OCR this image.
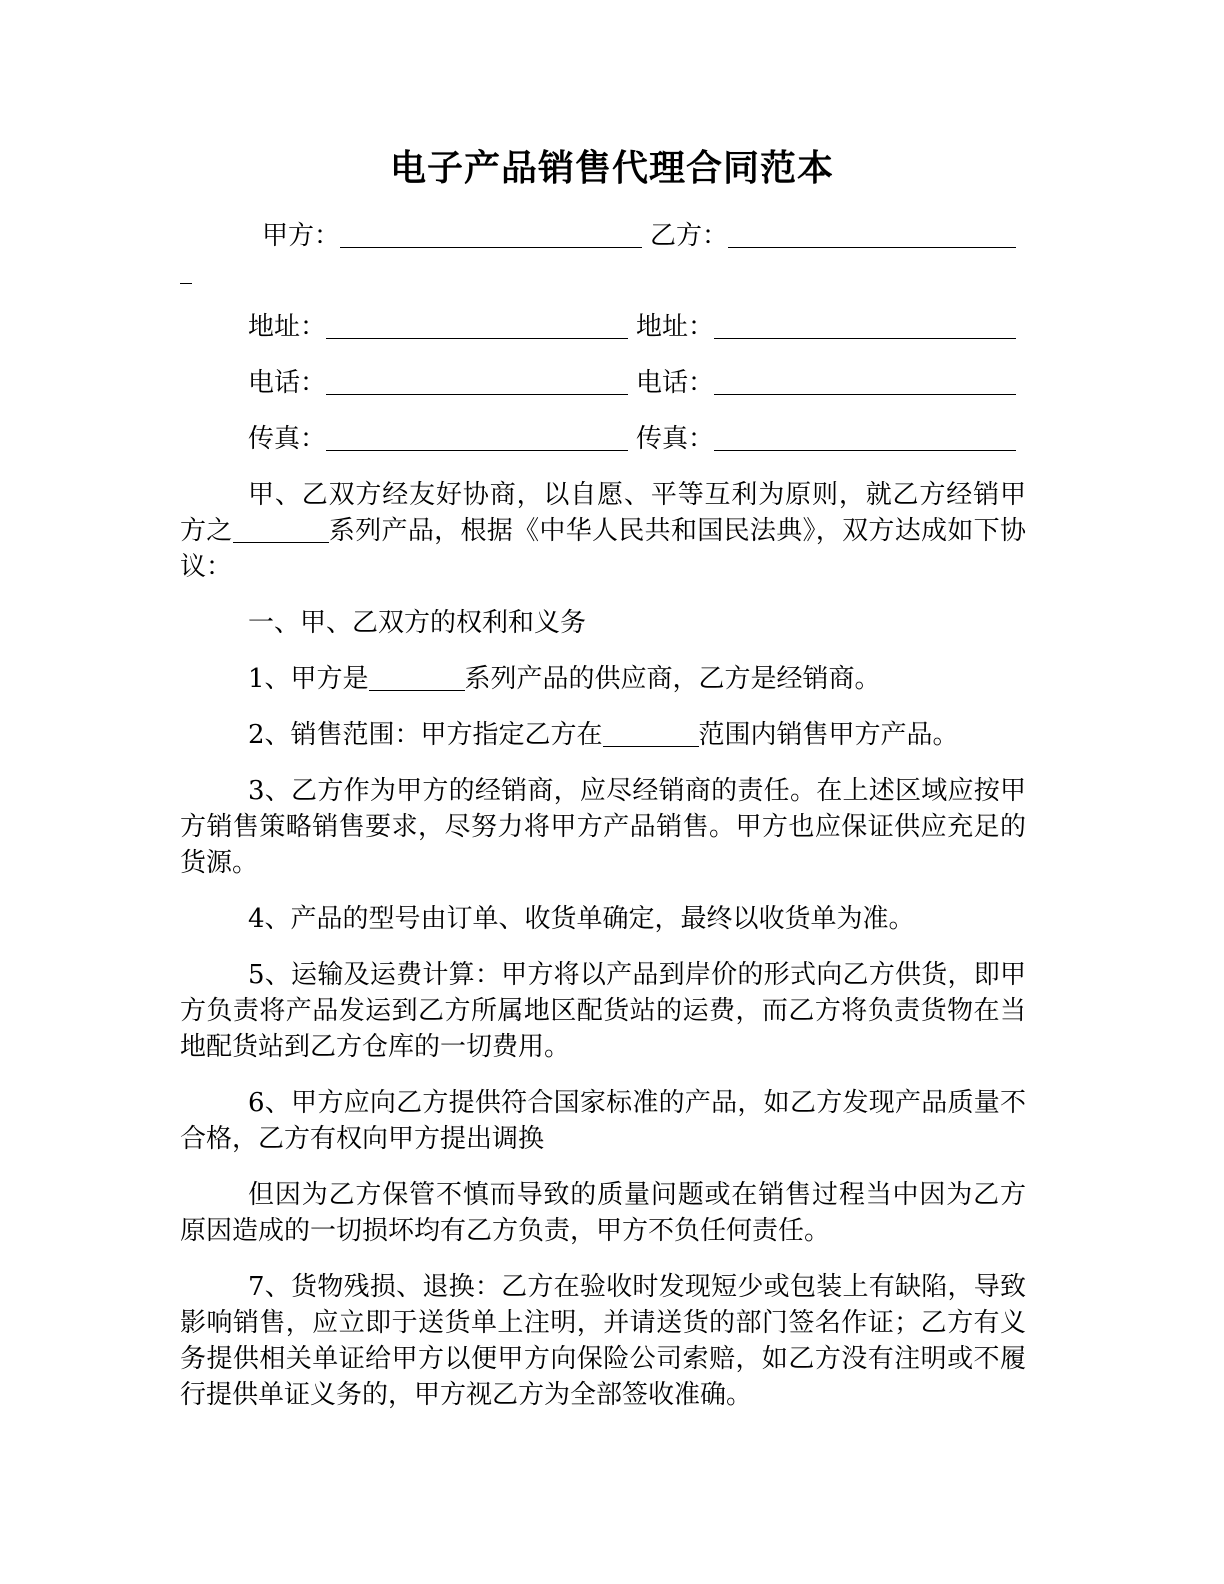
电子产品销售代理合同范本
甲方：	乙方：
地址：	地址：
电话：	电话：
传真：	传真：

甲、乙双方经友好协商，以自愿、平等互利为原则，就乙方经销甲方之	系列产品，根据《中华人民共和国民法典》，双方达成如下协议：

一、甲、乙双方的权利和义务

1、甲方是	系列产品的供应商，乙方是经销商。

2、销售范围：甲方指定乙方在	范围内销售甲方产品。

3、乙方作为甲方的经销商，应尽经销商的责任。在上述区域应按甲方销售策略销售要求，尽努力将甲方产品销售。甲方也应保证供应充足的货源。

4、产品的型号由订单、收货单确定，最终以收货单为准。

5、运输及运费计算：甲方将以产品到岸价的形式向乙方供货，即甲方负责将产品发运到乙方所属地区配货站的运费，而乙方将负责货物在当地配货站到乙方仓库的一切费用。

6、甲方应向乙方提供符合国家标准的产品，如乙方发现产品质量不合格，乙方有权向甲方提出调换

但因为乙方保管不慎而导致的质量问题或在销售过程当中因为乙方原因造成的一切损坏均有乙方负责，甲方不负任何责任。

7、货物残损、退换：乙方在验收时发现短少或包装上有缺陷，导致影响销售，应立即于送货单上注明，并请送货的部门签名作证；乙方有义务提供相关单证给甲方以便甲方向保险公司索赔，如乙方没有注明或不履行提供单证义务的，甲方视乙方为全部签收准确。
